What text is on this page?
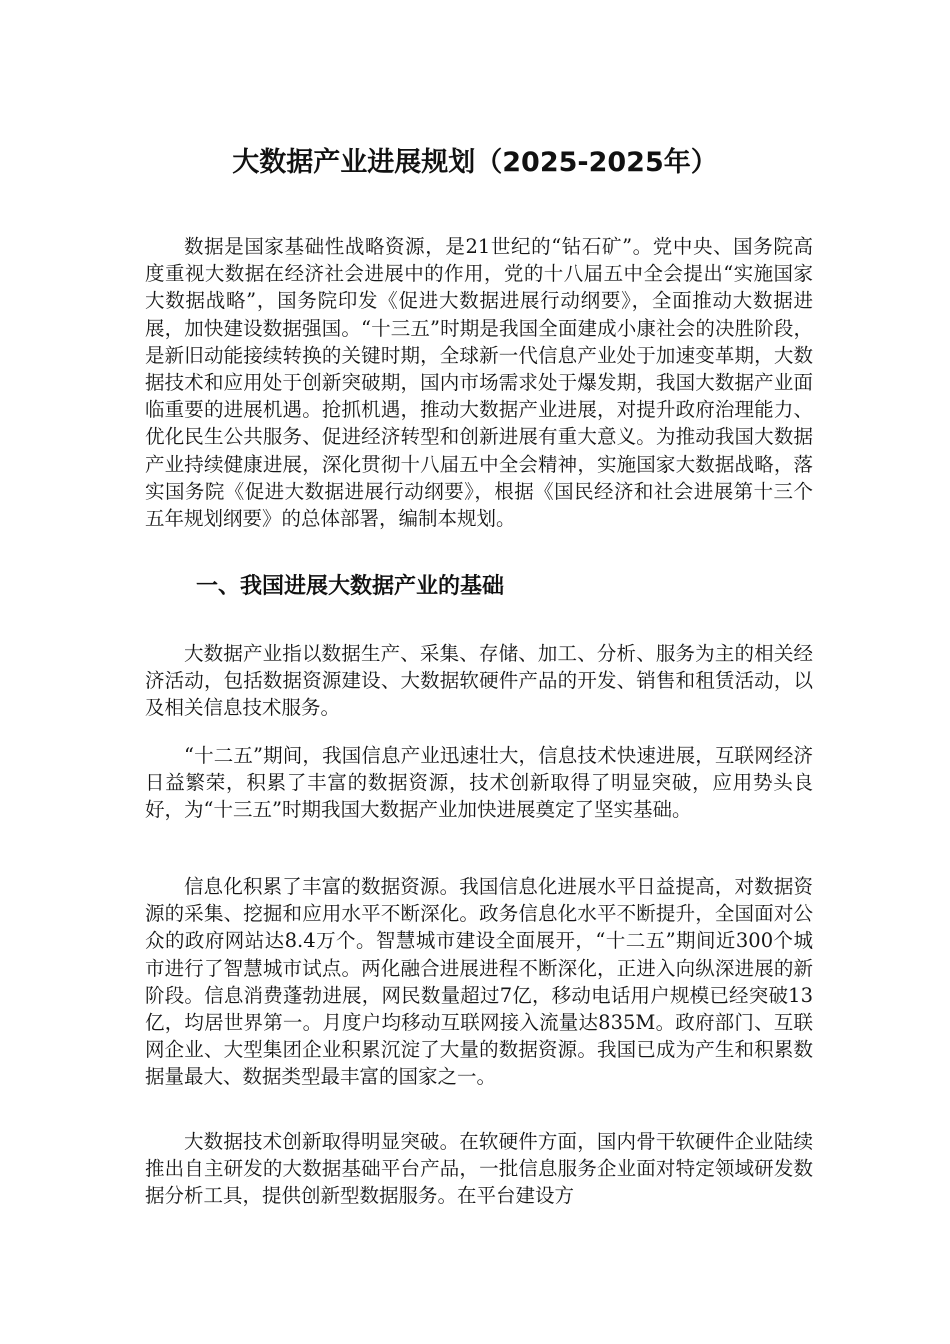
大数据产业进展规划（2025-2025年）

数据是国家基础性战略资源，是21世纪的“钻石矿”。党中央、国务院高度重视大数据在经济社会进展中的作用，党的十八届五中全会提出“实施国家大数据战略”，国务院印发《促进大数据进展行动纲要》，全面推动大数据进展，加快建设数据强国。“十三五”时期是我国全面建成小康社会的决胜阶段，是新旧动能接续转换的关键时期，全球新一代信息产业处于加速变革期，大数据技术和应用处于创新突破期，国内市场需求处于爆发期，我国大数据产业面临重要的进展机遇。抢抓机遇，推动大数据产业进展，对提升政府治理能力、优化民生公共服务、促进经济转型和创新进展有重大意义。为推动我国大数据产业持续健康进展，深化贯彻十八届五中全会精神，实施国家大数据战略，落实国务院《促进大数据进展行动纲要》，根据《国民经济和社会进展第十三个五年规划纲要》的总体部署，编制本规划。

一、我国进展大数据产业的基础

大数据产业指以数据生产、采集、存储、加工、分析、服务为主的相关经济活动，包括数据资源建设、大数据软硬件产品的开发、销售和租赁活动，以及相关信息技术服务。

“十二五”期间，我国信息产业迅速壮大，信息技术快速进展，互联网经济日益繁荣，积累了丰富的数据资源，技术创新取得了明显突破，应用势头良好，为“十三五”时期我国大数据产业加快进展奠定了坚实基础。

信息化积累了丰富的数据资源。我国信息化进展水平日益提高，对数据资源的采集、挖掘和应用水平不断深化。政务信息化水平不断提升，全国面对公众的政府网站达8.4万个。智慧城市建设全面展开，“十二五”期间近300个城市进行了智慧城市试点。两化融合进展进程不断深化，正进入向纵深进展的新阶段。信息消费蓬勃进展，网民数量超过7亿，移动电话用户规模已经突破13亿，均居世界第一。月度户均移动互联网接入流量达835M。政府部门、互联网企业、大型集团企业积累沉淀了大量的数据资源。我国已成为产生和积累数据量最大、数据类型最丰富的国家之一。

大数据技术创新取得明显突破。在软硬件方面，国内骨干软硬件企业陆续推出自主研发的大数据基础平台产品，一批信息服务企业面对特定领域研发数据分析工具，提供创新型数据服务。在平台建设方
